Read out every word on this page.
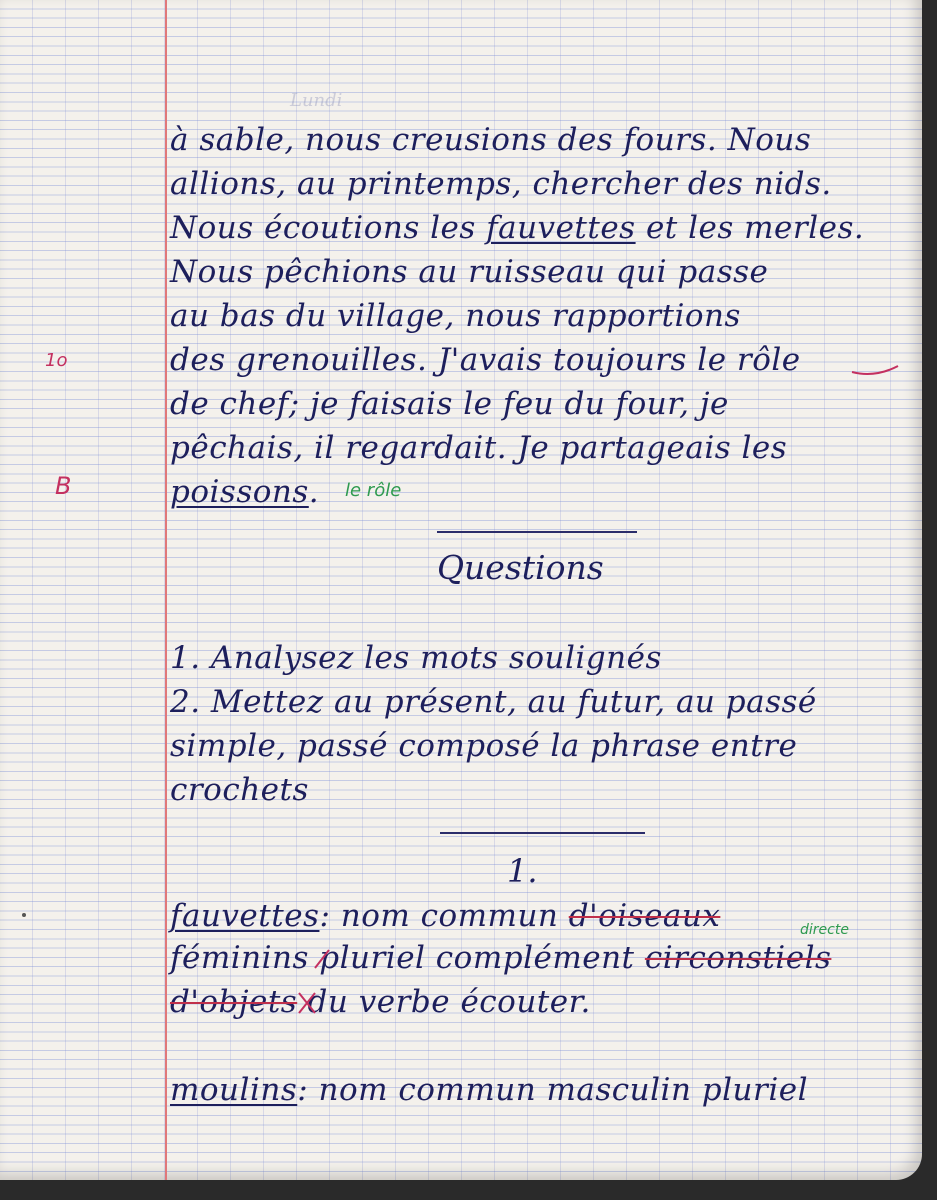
Lundi

à sable, nous creusions des fours. Nous

allions, au printemps, chercher des nids.

Nous écoutions les fauvettes et les merles.

Nous pêchions au ruisseau qui passe

au bas du village, nous rapportions

des grenouilles. J'avais toujours le rôle

de chef; je faisais le feu du four, je

pêchais, il regardait. Je partageais les

poissons. le rôle
1o
B

Questions

1. Analysez les mots soulignés

2. Mettez au présent, au futur, au passé

simple, passé composé la phrase entre

crochets

1.

fauvettes: nom commun d'oiseaux	directe

féminins pluriel complément circonstiels

d'objets du verbe écouter.

moulins: nom commun masculin pluriel
